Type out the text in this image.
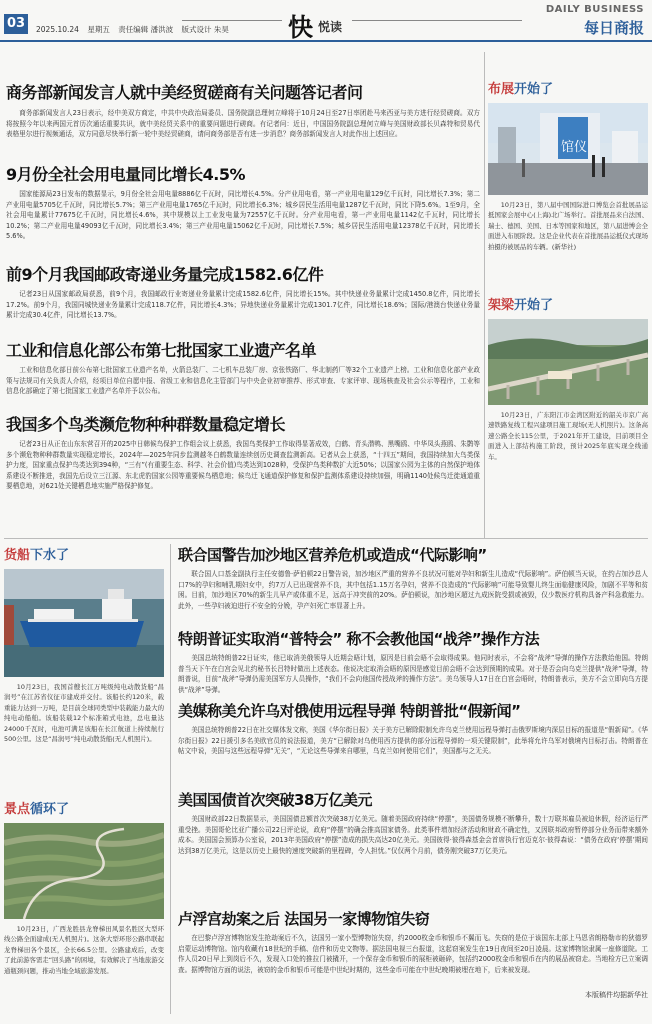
03	2025.10.24 星期五 责任编辑 潘洪波 版式设计 朱昊 快 悦读
DAILY BUSINESS
每日商报
商务部新闻发言人就中美经贸磋商有关问题答记者问

商务部新闻发言人23日表示，经中美双方商定，中共中央政治局委员、国务院副总理何立峰将于10月24日至27日率团赴马来西亚与美方进行经贸磋商。双方将按照今年以来两国元首历次通话重要共识，就中美经贸关系中的重要问题进行磋商。有记者问：近日，中国国务院副总理何立峰与美国财政部长贝森特和贸易代表格里尔进行视频通话，双方同意尽快举行新一轮中美经贸磋商，请问商务部是否有进一步消息？商务部新闻发言人对此作出上述回应。

9月份全社会用电量同比增长4.5%

国家能源局23日发布的数据显示，9月份全社会用电量8886亿千瓦时，同比增长4.5%。分产业用电看，第一产业用电量129亿千瓦时，同比增长7.3%；第二产业用电量5705亿千瓦时，同比增长5.7%；第三产业用电量1765亿千瓦时，同比增长6.3%；城乡居民生活用电量1287亿千瓦时，同比下降5.6%。1至9月，全社会用电量累计77675亿千瓦时，同比增长4.6%，其中规模以上工业发电量为72557亿千瓦时。分产业用电看，第一产业用电量1142亿千瓦时，同比增长10.2%；第二产业用电量49093亿千瓦时，同比增长3.4%；第三产业用电量15062亿千瓦时，同比增长7.5%；城乡居民生活用电量12378亿千瓦时，同比增长5.6%。

前9个月我国邮政寄递业务量完成1582.6亿件

记者23日从国家邮政局获悉，前9个月，我国邮政行业寄递业务量累计完成1582.6亿件，同比增长15%。其中快递业务量累计完成1450.8亿件，同比增长17.2%。前9个月，我国同城快递业务量累计完成118.7亿件，同比增长4.3%；异地快递业务量累计完成1301.7亿件，同比增长18.6%；国际/港澳台快递业务量累计完成30.4亿件，同比增长13.7%。

工业和信息化部公布第七批国家工业遗产名单

工业和信息化部日前公布第七批国家工业遗产名单，火箭总装厂、二七机车总装厂房、京张铁路厂、华北制药厂等32个工业遗产上榜。工业和信息化部产业政策与法规司有关负责人介绍，经项目单位自愿申报、省级工业和信息化主管部门与中央企业初审推荐、形式审查、专家评审、现场核查及社会公示等程序，工业和信息化部确定了第七批国家工业遗产名单并予以公布。

我国多个鸟类濒危物种种群数量稳定增长

记者23日从正在山东东营召开的2025中日韩候鸟保护工作组会议上获悉，我国鸟类保护工作取得显著成效，白鹤、青头潜鸭、黑嘴鸥、中华凤头燕鸥、朱鹮等多个濒危物种种群数量实现稳定增长，2024年—2025年同步监测越冬白鹤数量连续创历史调查监测新高。记者从会上获悉，“十四五”期间，我国持续加大鸟类保护力度，国家重点保护鸟类达到394种，“三有”(有重要生态、科学、社会价值)鸟类达到1028种，受保护鸟类种数扩大近50%；以国家公园为主体的自然保护地体系建设不断推进，我国先后设立三江源、东北虎豹国家公园等重要候鸟栖息地；候鸟迁飞通道保护修复和保护监测体系建设持续加强，明确1140处候鸟迁徙通道重要栖息地，对621处关键栖息地实施严格保护修复。

布展开始了
馆仪

10月23日，第八届中国国际进口博览会首批展品运抵国家会展中心(上海)北广场举行。首批展品来自法国、瑞士、德国、美国、日本等国家和地区，第八届进博会全面进入布展阶段。这是企业代表在首批展品运抵仪式现场拍摄的被展品的车辆。(新华社)

架梁开始了

10月23日，广东阳江市金湾区附近的韶关市京广高速铁路复线工程兴建项目施工现场(无人机照片)。这条高速公路全长115公里，于2021年开工建设，目前项目全面进入上部结构施工阶段，预计2025年底实现全线通车。

货船下水了

10月23日，我国首艘长江万吨级纯电动散货船“昌润号”在江苏省仪征市建成并交付。该船长约120米，载重能力达到一万吨，是目前全球同类型中装载能力最大的纯电动船舶。该船装载12个标准箱式电池，总电量达24000千瓦时，电池可满足该船在长江航道上持续航行500公里。这是“昌润号”纯电动散货船(无人机照片)。

景点循环了

10月23日，广西龙胜县龙脊梯田风景名胜区大型环线公路全面建成(无人机照片)。这条大型环形公路串联起龙脊梯田各个景区，全长66.5公里。公路建成后，改变了此前游客需走“回头路”的困境，有效解决了当地旅游交通瓶颈问题，推动当地全域旅游发展。

联合国警告加沙地区营养危机或造成“代际影响”

联合国人口基金副执行主任安德鲁·萨伯顿22日警告说，加沙地区严重的营养不良状况可能对孕妇和新生儿造成“代际影响”。萨伯顿当天说，在约占加沙总人口7%的孕妇和哺乳期妇女中，约7万人已出现营养不良，其中包括1.15万名孕妇，营养不良造成的“代际影响”可能导致婴儿终生面临健康风险，加剧不平等和贫困。目前，加沙地区70%的新生儿早产或体重不足，远高于冲突前的20%。萨伯顿说，加沙地区超过九成医院受损或被毁，仅少数医疗机构具备产科急救能力。此外，一些孕妇被迫进行不安全的分娩，孕产妇死亡率显著上升。

特朗普证实取消“普特会” 称不会教他国“战斧”操作方法

美国总统特朗普22日证实，他已取消美俄领导人近期会晤计划，原因是目前会晤不会取得成果。他同时表示，不会将“战斧”导弹的操作方法教给他国。特朗普当天下午在白宫会见北约秘书长吕特时做出上述表态。他说决定取消会晤的原因是感觉目前会晤不会达到预期的成果。对于是否会向乌克兰提供“战斧”导弹，特朗普说，目前“战斧”导弹仍需美国军方人员操作，“我们不会向他国传授战斧的操作方法”。美乌领导人17日在白宫会晤时，特朗普表示，美方不会立即向乌方提供“战斧”导弹。

美媒称美允许乌对俄使用远程导弹 特朗普批“假新闻”

美国总统特朗普22日在社交媒体发文称，美国《华尔街日报》关于美方已解除限制允许乌克兰使用远程导弹打击俄罗斯境内深层目标的报道是“假新闻”。《华尔街日报》22日援引多名美欧官员的说法报道，美方“已解除对乌使用西方提供的部分远程导弹的一项关键限制”，此举将允许乌军对俄境内目标打击。特朗普在帖文中说，美国与这些远程导弹“无关”，“无论这些导弹来自哪里，乌克兰如何使用它们”，美国都与之无关。

美国国债首次突破38万亿美元

美国财政部22日数据显示，美国国债总额首次突破38万亿美元。随着美国政府持续“停摆”，美国债务规模不断攀升，数十万联邦雇员被迫休假，经济运行严重受挫。美国哥伦比亚广播公司22日评论说，政府“停摆”的确会推高国家债务。此类事件增加经济活动和财政不确定性，又因联邦政府暂停部分业务而带来额外成本。美国国会预算办公室说，2013年美国政府“停摆”造成的损失高达20亿美元。美国彼得·彼得森基金会首席执行官迈克尔·彼得森说：“债务在政府‘停摆’期间达到38万亿美元，这是以历史上最快的速度突破新的里程碑，令人担忧。”仅仅两个月前，债务刚突破37万亿美元。

卢浮宫劫案之后 法国另一家博物馆失窃

在巴黎卢浮宫博物馆发生抢劫案后不久，法国另一家小型博物馆失窃，约2000枚金币和银币不翼而飞。失窃的是位于该国东北部上马恩省朗格勒市的狄德罗启蒙运动博物馆。馆内收藏有18世纪的手稿、信件和历史文物等。据法国电视三台报道，这起窃案发生在19日夜间至20日凌晨。这家博物馆隶属一座修道院。工作人员20日早上到岗后不久，发现入口处的推拉门被撬开，一个保存金币和银币的展柜被砸碎，包括约2000枚金币和银币在内的展品被窃走。当地检方已立案调查。据博物馆方面的说法，被窃的金币和银币可能是中世纪时期的，这些金币可能在中世纪晚期被埋在地下，后来被发现。

本版稿件均据新华社
